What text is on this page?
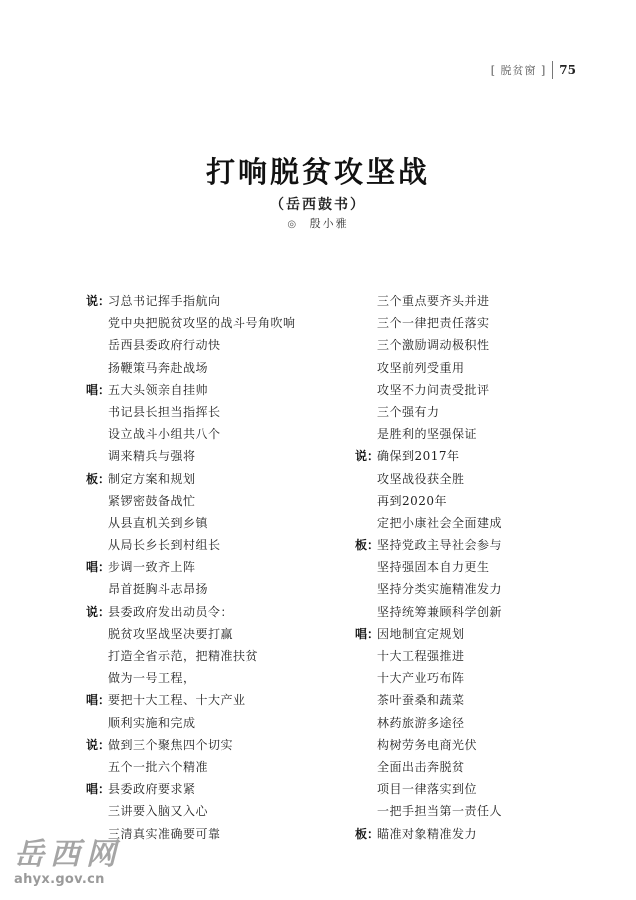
[ 脱贫窗 ] 75
打响脱贫攻坚战
（岳西鼓书）
◎ 殷小雅
说：
习总书记挥手指航向
党中央把脱贫攻坚的战斗号角吹响
岳西县委政府行动快
扬鞭策马奔赴战场
唱：
五大头领亲自挂帅
书记县长担当指挥长
设立战斗小组共八个
调来精兵与强将
板：
制定方案和规划
紧锣密鼓备战忙
从县直机关到乡镇
从局长乡长到村组长
唱：
步调一致齐上阵
昂首挺胸斗志昂扬
说：
县委政府发出动员令：
脱贫攻坚战坚决要打赢
打造全省示范，把精准扶贫
做为一号工程，
唱：
要把十大工程、十大产业
顺利实施和完成
说：
做到三个聚焦四个切实
五个一批六个精准
唱：
县委政府要求紧
三讲要入脑又入心
三清真实准确要可靠
三个重点要齐头并进
三个一律把责任落实
三个激励调动极积性
攻坚前列受重用
攻坚不力问责受批评
三个强有力
是胜利的坚强保证
说：
确保到2017年
攻坚战役获全胜
再到2020年
定把小康社会全面建成
板：
坚持党政主导社会参与
坚持强固本自力更生
坚持分类实施精准发力
坚持统筹兼顾科学创新
唱：
因地制宜定规划
十大工程强推进
十大产业巧布阵
茶叶蚕桑和蔬菜
林药旅游多途径
构树劳务电商光伏
全面出击奔脱贫
项目一律落实到位
一把手担当第一责任人
板：
瞄准对象精准发力
岳西网
ahyx.gov.cn
